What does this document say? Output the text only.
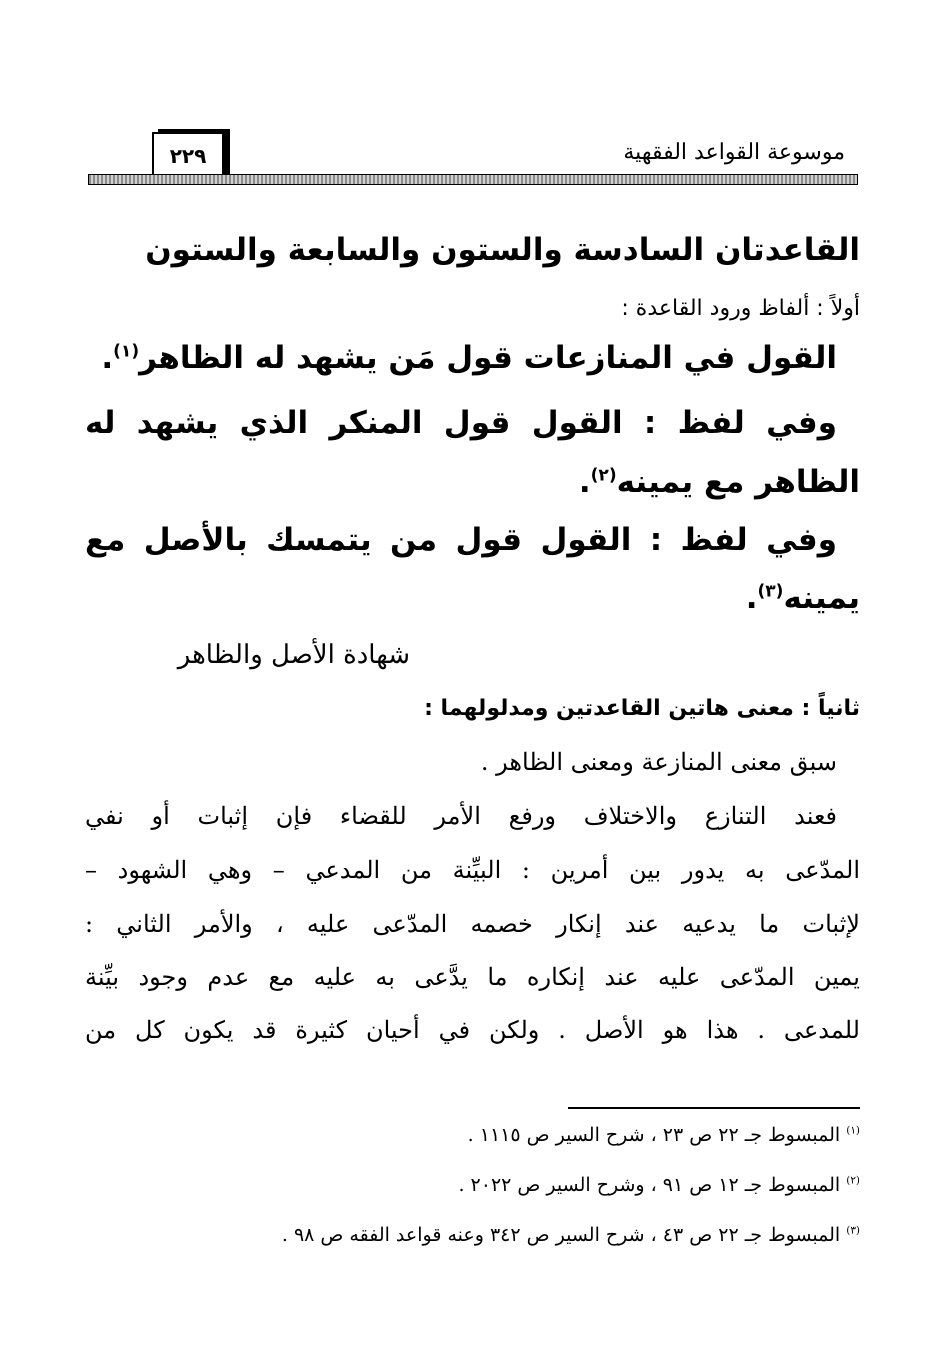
موسوعة القواعد الفقهية
٢٢٩
القاعدتان السادسة والستون والسابعة والستون
أولاً : ألفاظ ورود القاعدة :
القول في المنازعات قول مَن يشهد له الظاهر$^{(١)}$.
وفي لفظ : القول قول المنكر الذي يشهد له
الظاهر مع يمينه$^{(٢)}$.
وفي لفظ : القول قول من يتمسك بالأصل مع
يمينه$^{(٣)}$.
شهادة الأصل والظاهر
ثانياً : معنى هاتين القاعدتين ومدلولهما :
سبق معنى المنازعة ومعنى الظاهر .
فعند التنازع والاختلاف ورفع الأمر للقضاء فإن إثبات أو نفي
المدّعى به يدور بين أمرين : البيِّنة من المدعي – وهي الشهود –
لإثبات ما يدعيه عند إنكار خصمه المدّعى عليه ، والأمر الثاني :
يمين المدّعى عليه عند إنكاره ما يدَّعى به عليه مع عدم وجود بيِّنة
للمدعى . هذا هو الأصل . ولكن في أحيان كثيرة قد يكون كل من
$^{(١)}$ المبسوط جـ ٢٢ ص ٢٣ ، شرح السير ص ١١١٥ .
$^{(٢)}$ المبسوط جـ ١٢ ص ٩١ ، وشرح السير ص ٢٠٢٢ .
$^{(٣)}$ المبسوط جـ ٢٢ ص ٤٣ ، شرح السير ص ٣٤٢ وعنه قواعد الفقه ص ٩٨ .
